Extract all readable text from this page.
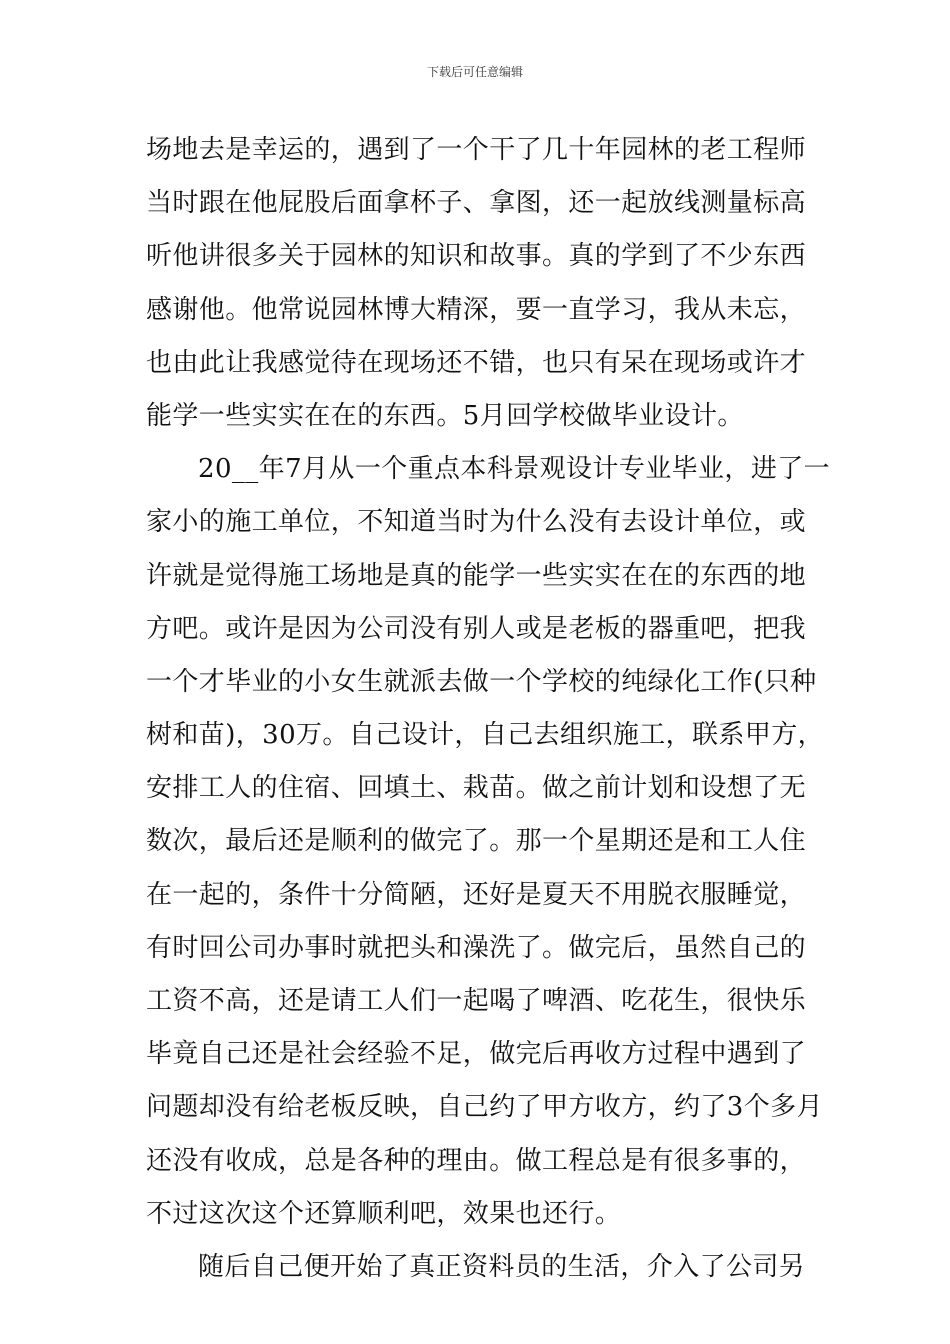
下载后可任意编辑
场地去是幸运的，遇到了一个干了几十年园林的老工程师
当时跟在他屁股后面拿杯子、拿图，还一起放线测量标高
听他讲很多关于园林的知识和故事。真的学到了不少东西
感谢他。他常说园林博大精深，要一直学习，我从未忘，
也由此让我感觉待在现场还不错，也只有呆在现场或许才
能学一些实实在在的东西。5月回学校做毕业设计。
20__年7月从一个重点本科景观设计专业毕业，进了一
家小的施工单位，不知道当时为什么没有去设计单位，或
许就是觉得施工场地是真的能学一些实实在在的东西的地
方吧。或许是因为公司没有别人或是老板的器重吧，把我
一个才毕业的小女生就派去做一个学校的纯绿化工作(只种
树和苗)，30万。自己设计，自己去组织施工，联系甲方，
安排工人的住宿、回填土、栽苗。做之前计划和设想了无
数次，最后还是顺利的做完了。那一个星期还是和工人住
在一起的，条件十分简陋，还好是夏天不用脱衣服睡觉，
有时回公司办事时就把头和澡洗了。做完后，虽然自己的
工资不高，还是请工人们一起喝了啤酒、吃花生，很快乐
毕竟自己还是社会经验不足，做完后再收方过程中遇到了
问题却没有给老板反映，自己约了甲方收方，约了3个多月
还没有收成，总是各种的理由。做工程总是有很多事的，
不过这次这个还算顺利吧，效果也还行。
随后自己便开始了真正资料员的生活，介入了公司另
